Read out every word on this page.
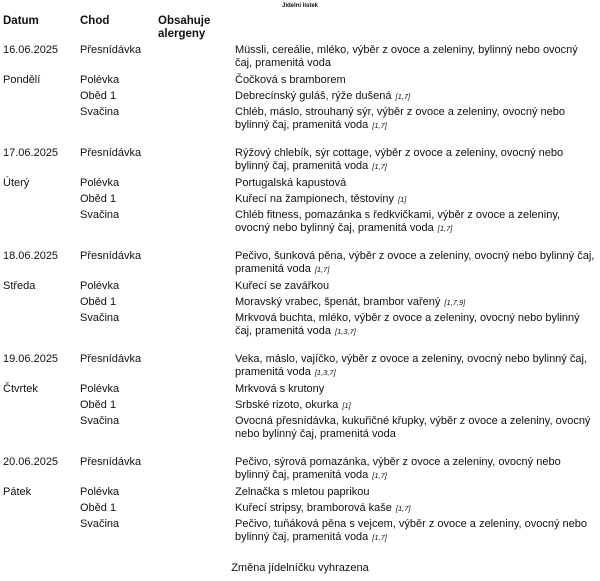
Jídelní lístek
Datum	Chod	Obsahuje alergeny
16.06.2025 Přesnídávka	Müssli, cereálie, mléko, výběr z ovoce a zeleniny, bylinný nebo ovocný čaj, pramenitá voda
Pondělí	Polévka	Čočková s bramborem
Oběd 1	Debrecínský guláš, rýže dušená [1,7]
Svačina	Chléb, máslo, strouhaný sýr, výběr z ovoce a zeleniny, ovocný nebo bylinný čaj, pramenitá voda [1,7]
17.06.2025 Přesnídávka	Rýžový chlebík, sýr cottage, výběr z ovoce a zeleniny, ovocný nebo bylinný čaj, pramenitá voda [1,7]
Úterý	Polévka	Portugalská kapustová
Oběd 1	Kuřecí na žampionech, těstoviny [1]
Svačina	Chléb fitness, pomazánka s ředkvičkami, výběr z ovoce a zeleniny, ovocný nebo bylinný čaj, pramenitá voda [1,7]
18.06.2025 Přesnídávka	Pečivo, šunková pěna, výběr z ovoce a zeleniny, ovocný nebo bylinný čaj, pramenitá voda [1,7]
Středa	Polévka	Kuřecí se zavářkou
Oběd 1	Moravský vrabec, špenát, brambor vařený [1,7,9]
Svačina	Mrkvová buchta, mléko, výběr z ovoce a zeleniny, ovocný nebo bylinný čaj, pramenitá voda [1,3,7]
19.06.2025 Přesnídávka	Veka, máslo, vajíčko, výběr z ovoce a zeleniny, ovocný nebo bylinný čaj, pramenitá voda [1,3,7]
Čtvrtek	Polévka	Mrkvová s krutony
Oběd 1	Srbské rizoto, okurka [1]
Svačina	Ovocná přesnídávka, kukuřičné křupky, výběr z ovoce a zeleniny, ovocný nebo bylinný čaj, pramenitá voda
20.06.2025 Přesnídávka	Pečivo, sýrová pomazánka, výběr z ovoce a zeleniny, ovocný nebo bylinný čaj, pramenitá voda [1,7]
Pátek	Polévka	Zelnačka s mletou paprikou
Oběd 1	Kuřecí stripsy, bramborová kaše [1,7]
Svačina	Pečivo, tuňáková pěna s vejcem, výběr z ovoce a zeleniny, ovocný nebo bylinný čaj, pramenitá voda [1,7]
Změna jídelníčku vyhrazena
